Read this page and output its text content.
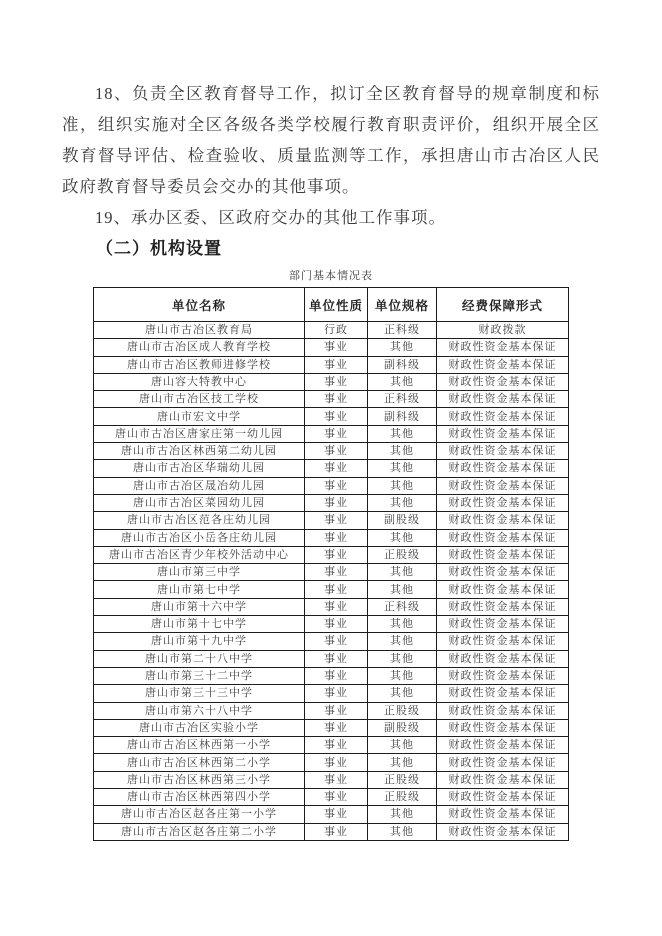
18、负责全区教育督导工作，拟订全区教育督导的规章制度和标准，组织实施对全区各级各类学校履行教育职责评价，组织开展全区教育督导评估、检查验收、质量监测等工作，承担唐山市古冶区人民政府教育督导委员会交办的其他事项。

19、承办区委、区政府交办的其他工作事项。

（二）机构设置
部门基本情况表
单位名称	单位性质	单位规格	经费保障形式
唐山市古冶区教育局	行政	正科级	财政拨款
唐山市古冶区成人教育学校	事业	其他	财政性资金基本保证
唐山市古冶区教师进修学校	事业	副科级	财政性资金基本保证
唐山容大特教中心	事业	其他	财政性资金基本保证
唐山市古冶区技工学校	事业	正科级	财政性资金基本保证
唐山市宏文中学	事业	副科级	财政性资金基本保证
唐山市古冶区唐家庄第一幼儿园	事业	其他	财政性资金基本保证
唐山市古冶区林西第二幼儿园	事业	其他	财政性资金基本保证
唐山市古冶区华瑞幼儿园	事业	其他	财政性资金基本保证
唐山市古冶区晟冶幼儿园	事业	其他	财政性资金基本保证
唐山市古冶区菜园幼儿园	事业	其他	财政性资金基本保证
唐山市古冶区范各庄幼儿园	事业	副股级	财政性资金基本保证
唐山市古冶区小岳各庄幼儿园	事业	其他	财政性资金基本保证
唐山市古冶区青少年校外活动中心	事业	正股级	财政性资金基本保证
唐山市第三中学	事业	其他	财政性资金基本保证
唐山市第七中学	事业	其他	财政性资金基本保证
唐山市第十六中学	事业	正科级	财政性资金基本保证
唐山市第十七中学	事业	其他	财政性资金基本保证
唐山市第十九中学	事业	其他	财政性资金基本保证
唐山市第二十八中学	事业	其他	财政性资金基本保证
唐山市第三十二中学	事业	其他	财政性资金基本保证
唐山市第三十三中学	事业	其他	财政性资金基本保证
唐山市第六十八中学	事业	正股级	财政性资金基本保证
唐山市古冶区实验小学	事业	副股级	财政性资金基本保证
唐山市古冶区林西第一小学	事业	其他	财政性资金基本保证
唐山市古冶区林西第二小学	事业	其他	财政性资金基本保证
唐山市古冶区林西第三小学	事业	正股级	财政性资金基本保证
唐山市古冶区林西第四小学	事业	正股级	财政性资金基本保证
唐山市古冶区赵各庄第一小学	事业	其他	财政性资金基本保证
唐山市古冶区赵各庄第二小学	事业	其他	财政性资金基本保证
